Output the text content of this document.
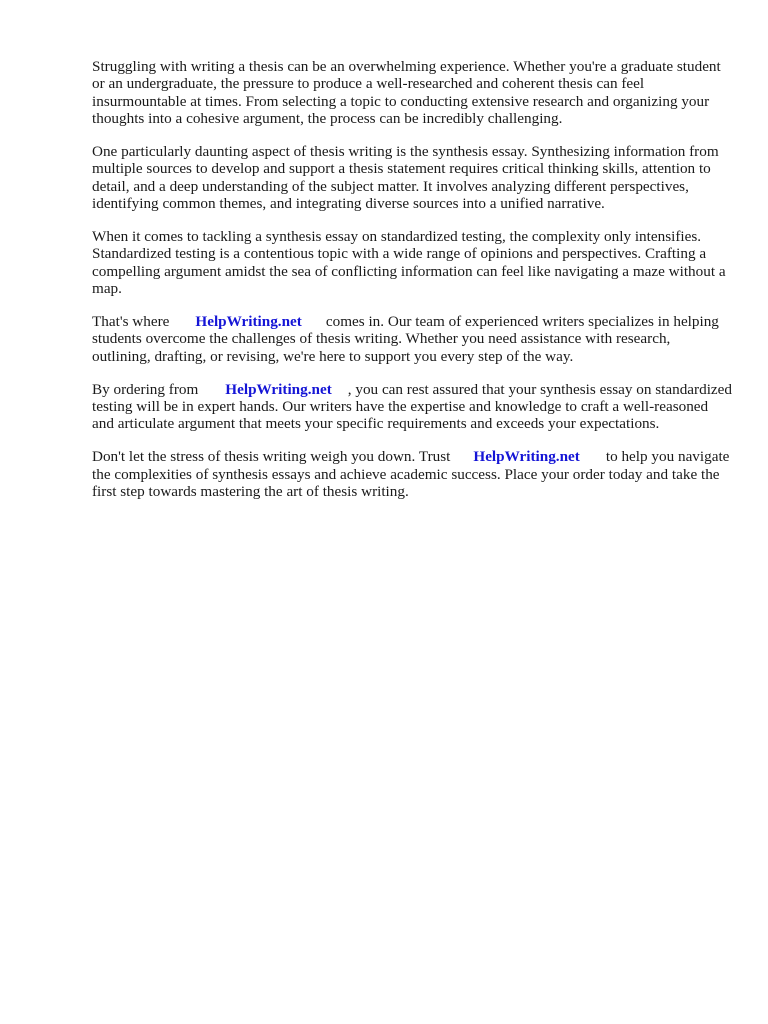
Struggling with writing a thesis can be an overwhelming experience. Whether you're a graduate student or an undergraduate, the pressure to produce a well-researched and coherent thesis can feel insurmountable at times. From selecting a topic to conducting extensive research and organizing your thoughts into a cohesive argument, the process can be incredibly challenging.

One particularly daunting aspect of thesis writing is the synthesis essay. Synthesizing information from multiple sources to develop and support a thesis statement requires critical thinking skills, attention to detail, and a deep understanding of the subject matter. It involves analyzing different perspectives, identifying common themes, and integrating diverse sources into a unified narrative.

When it comes to tackling a synthesis essay on standardized testing, the complexity only intensifies. Standardized testing is a contentious topic with a wide range of opinions and perspectives. Crafting a compelling argument amidst the sea of conflicting information can feel like navigating a maze without a map.

That's where HelpWriting.net comes in. Our team of experienced writers specializes in helping students overcome the challenges of thesis writing. Whether you need assistance with research, outlining, drafting, or revising, we're here to support you every step of the way.

By ordering from HelpWriting.net , you can rest assured that your synthesis essay on standardized testing will be in expert hands. Our writers have the expertise and knowledge to craft a well-reasoned and articulate argument that meets your specific requirements and exceeds your expectations.

Don't let the stress of thesis writing weigh you down. Trust HelpWriting.net to help you navigate the complexities of synthesis essays and achieve academic success. Place your order today and take the first step towards mastering the art of thesis writing.
